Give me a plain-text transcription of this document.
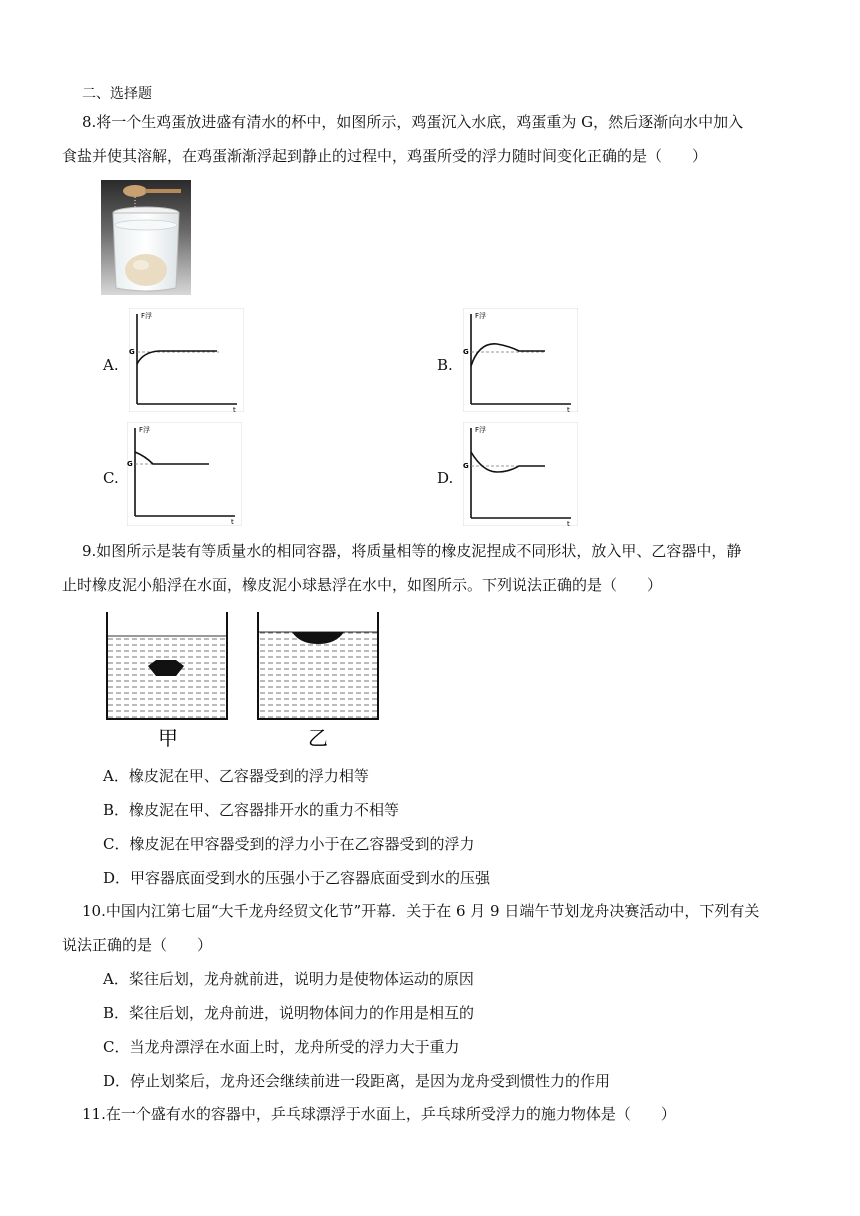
二、选择题
8.将一个生鸡蛋放进盛有清水的杯中，如图所示，鸡蛋沉入水底，鸡蛋重为 G，然后逐渐向水中加入
食盐并使其溶解，在鸡蛋渐渐浮起到静止的过程中，鸡蛋所受的浮力随时间变化正确的是（　　）
A.
F浮
G
t
B.
F浮
G
t
C.
F浮
G
t
D.
F浮
G
t
9.如图所示是装有等质量水的相同容器，将质量相等的橡皮泥捏成不同形状，放入甲、乙容器中，静
止时橡皮泥小船浮在水面，橡皮泥小球悬浮在水中，如图所示。下列说法正确的是（　　）
甲	乙
A．橡皮泥在甲、乙容器受到的浮力相等
B．橡皮泥在甲、乙容器排开水的重力不相等
C．橡皮泥在甲容器受到的浮力小于在乙容器受到的浮力
D．甲容器底面受到水的压强小于乙容器底面受到水的压强
10.中国内江第七届“大千龙舟经贸文化节”开幕．关于在 6 月 9 日端午节划龙舟决赛活动中，下列有关
说法正确的是（　　）
A．桨往后划，龙舟就前进，说明力是使物体运动的原因
B．桨往后划，龙舟前进，说明物体间力的作用是相互的
C．当龙舟漂浮在水面上时，龙舟所受的浮力大于重力
D．停止划桨后，龙舟还会继续前进一段距离，是因为龙舟受到惯性力的作用
11.在一个盛有水的容器中，乒乓球漂浮于水面上，乒乓球所受浮力的施力物体是（　　）
